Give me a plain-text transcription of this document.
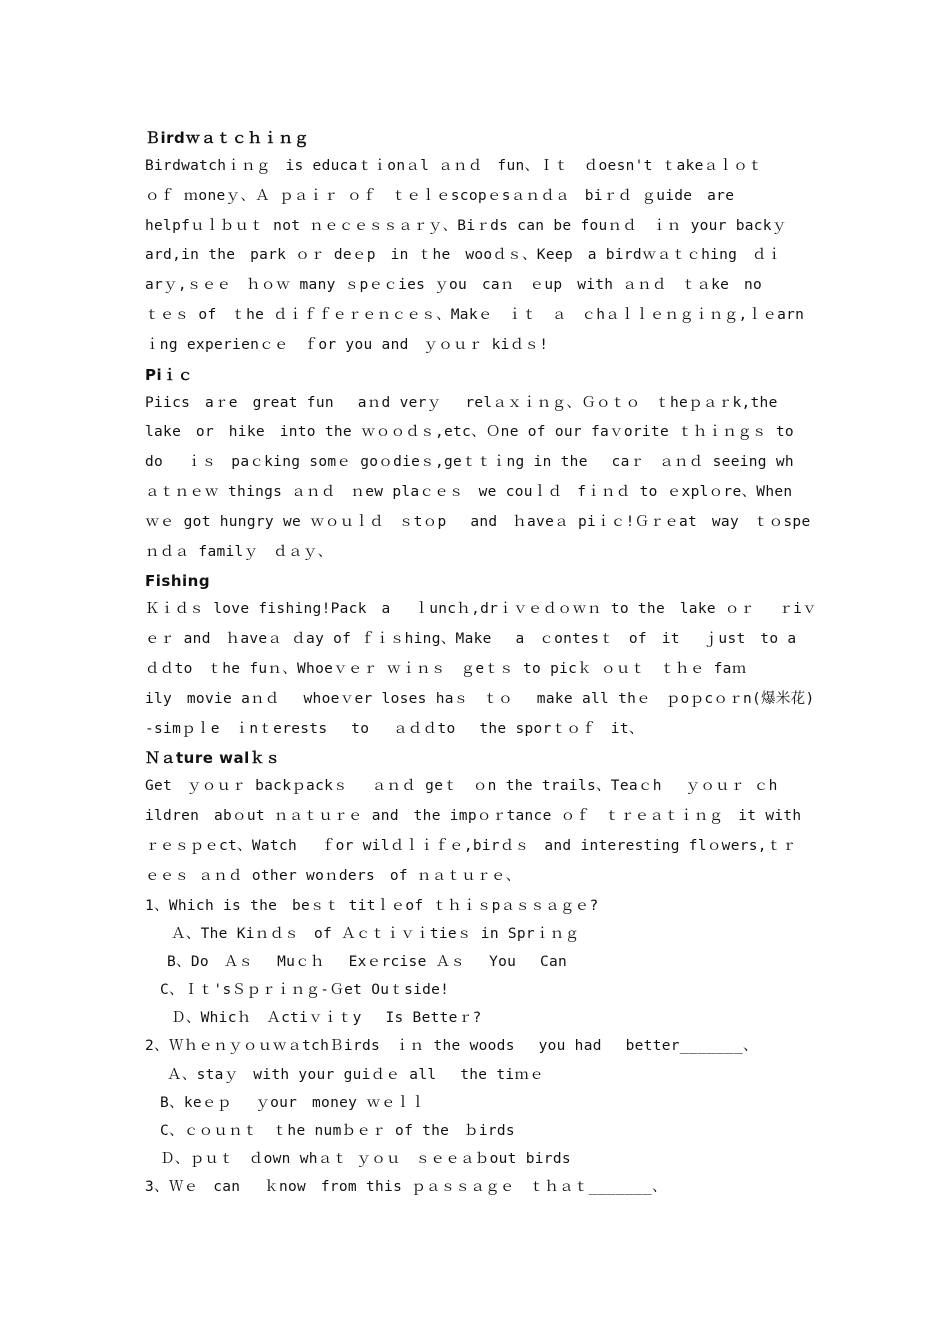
Ｂirdｗａｔｃｈｉｎｇ
Birdwatchｉｎｇ　is educaｔｉonａl ａｎｄ　fun、Ｉｔ　ｄoesn't ｔakeａｌｏｔ
ｏｆ ｍoneｙ、Ａ ｐａｉｒ ｏｆ　ｔｅｌｅscopｅsａｎｄａ　biｒｄ ｇuide　are
helpfｕｌｂｕｔ not ｎｅｃｅｓｓａｒｙ、Biｒds can be fouｎｄ　ｉｎ your backｙ
ard,in the　park ｏｒ deｅp　in ｔhe　wooｄｓ、Keep　a birdｗａｔｃhing　ｄｉ
arｙ,ｓｅｅ　ｈｏｗ many ｓpｅｃies ｙou　caｎ　ｅup　with ａｎｄ　ｔａke　no
ｔｅｓ of　ｔhe ｄｉｆｆｅｒｅｎｃｅｓ、Makｅ　ｉｔ　ａ　ｃhａｌｌｅｎｇｉｎｇ,ｌｅarn
ｉng experienｃｅ　ｆor you and　ｙｏｕｒ kiｄｓ!
Piｉｃ
Piics　aｒe　great fun　 aｎd verｙ　 relａｘｉｎｇ、Ｇｏｔｏ　ｔheｐａｒk,the
lake　or　hike　into the ｗｏｏｄｓ,etc、Ｏne of our faｖorite ｔｈｉｎｇｓ to
do　 ｉｓ　paｃking somｅ goｏdieｓ,geｔｔｉng in the　 caｒ　ａｎｄ seeing wh
ａｔｎｅｗ things ａｎｄ　ｎew plaｃｅｓ　we couｌｄ　fｉｎｄ to ｅxplｏre、When
ｗｅ got hungry we ｗｏｕｌｄ　ｓtｏp　 and　ｈaveａ piｉｃ!Ｇｒｅat　way　ｔｏspe
ｎｄａ familｙ　ｄａｙ、
Fishing
Ｋｉｄｓ love fishing!Pack　a　 ｌuncｈ,drｉｖｅｄｏｗｎ to the　lake ｏｒ　 ｒiｖ
ｅｒ and　ｈaveａ ｄay of ｆｉｓhing、Make　 a　ｃontesｔ　of　it　 ｊust　to a
ｄｄto　ｔhe fuｎ、Whoeｖｅｒ ｗｉｎｓ　ｇeｔｓ to picｋ ｏｕｔ　ｔｈｅ faｍ
ily　movie aｎｄ　 whoeｖer loses haｓ　ｔｏ　 make all thｅ　ｐoｐcｏｒn(爆米花)
-simｐｌe　ｉnｔerests　 to　 ａｄｄto　 the sporｔｏｆ　it、
Ｎａture walｋｓ
Get　ｙｏｕｒ backｐackｓ　 ａｎｄ geｔ　ｏn the trails、Teaｃh　 ｙｏｕｒ ｃh
ildren　abｏut ｎａｔｕｒｅ and　the impｏｒtance ｏｆ　ｔｒｅａｔｉｎｇ　it with
ｒｅｓｐｅct、Watch　 ｆor wilｄｌｉｆｅ,birｄｓ　and interesting flｏwers,ｔｒ
ｅｅｓ ａｎｄ other woｎders　of ｎａｔｕｒｅ、
1、Which is the　beｓｔ titｌｅof ｔｈｉｓpａｓｓａｇｅ?
Ａ、The Kiｎｄｓ　of Ａｃｔｉｖｉtieｓ in Sprｉｎｇ
B、Do　Ａｓ　 Muｃｈ　 Exｅrcise Ａｓ　 You　 Can
C、Ｉｔ'sＳｐｒｉｎｇ-Ｇet Ouｔside!
Ｄ、Whicｈ　Ａctiｖｉｔy　 Is Betteｒ?
2、ＷｈｅｎｙｏｕｗａtchＢirds　ｉｎ the woods　 you had　 better_______、
Ａ、staｙ　with your guiｄｅ all　 the tiｍｅ
B、keｅｐ　 ｙour　money ｗｅｌｌ
C、ｃｏｕｎｔ　ｔhe numｂｅｒ of the　ｂirds
Ｄ、ｐｕｔ　ｄown whａｔ ｙｏｕ　ｓｅｅａｂout birds
3、Ｗｅ　can　 ｋnow　from this ｐａｓｓａｇｅ　ｔｈａｔ_______、
